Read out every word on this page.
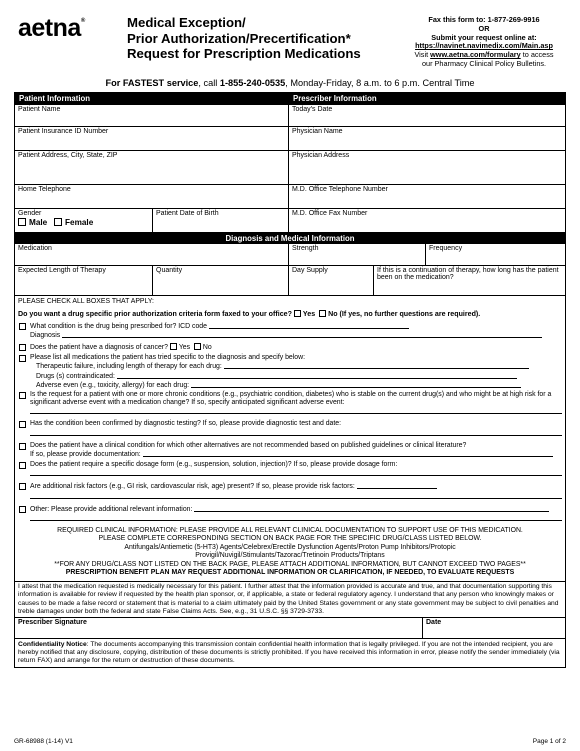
aetna®	Medical Exception/
Prior Authorization/Precertification*
Request for Prescription Medications
Fax this form to: 1-877-269-9916
OR
Submit your request online at:
https://navinet.navimedix.com/Main.asp
Visit www.aetna.com/formulary to access
our Pharmacy Clinical Policy Bulletins.
For FASTEST service, call 1-855-240-0535, Monday-Friday, 8 a.m. to 6 p.m. Central Time
Patient Information	Prescriber Information
Patient Name	Today's Date
Patient Insurance ID Number	Physician Name
Patient Address, City, State, ZIP	Physician Address
Home Telephone	M.D. Office Telephone Number
Gender
Male Female
Patient Date of Birth	M.D. Office Fax Number
Diagnosis and Medical Information
Medication	Strength	Frequency
Expected Length of Therapy	Quantity	Day Supply	If this is a continuation of therapy, how long has the patient been on the medication?
PLEASE CHECK ALL BOXES THAT APPLY:
Do you want a drug specific prior authorization criteria form faxed to your office? Yes No (If yes, no further questions are required).
What condition is the drug being prescribed for? ICD code
Diagnosis
Does the patient have a diagnosis of cancer? Yes No
Please list all medications the patient has tried specific to the diagnosis and specify below:
Therapeutic failure, including length of therapy for each drug:
Drugs (s) contraindicated:
Adverse even (e.g., toxicity, allergy) for each drug:
Is the request for a patient with one or more chronic conditions (e.g., psychiatric condition, diabetes) who is stable on the current drug(s) and who might be at high risk for a significant adverse event with a medication change? If so, specify anticipated significant adverse event:
Has the condition been confirmed by diagnostic testing? If so, please provide diagnostic test and date:
Does the patient have a clinical condition for which other alternatives are not recommended based on published guidelines or clinical literature?
If so, please provide documentation:
Does the patient require a specific dosage form (e.g., suspension, solution, injection)? If so, please provide dosage form:
Are additional risk factors (e.g., GI risk, cardiovascular risk, age) present? If so, please provide risk factors:
Other: Please provide additional relevant information:
REQUIRED CLINICAL INFORMATION: PLEASE PROVIDE ALL RELEVANT CLINICAL DOCUMENTATION TO SUPPORT USE OF THIS MEDICATION.
PLEASE COMPLETE CORRESPONDING SECTION ON BACK PAGE FOR THE SPECIFIC DRUG/CLASS LISTED BELOW.
Antifungals/Antiemetic (5-HT3) Agents/Celebrex/Erectile Dysfunction Agents/Proton Pump Inhibitors/Protopic
Provigil/Nuvigil/Stimulants/Tazorac/Tretinoin Products/Triptans
**FOR ANY DRUG/CLASS NOT LISTED ON THE BACK PAGE, PLEASE ATTACH ADDITIONAL INFORMATION, BUT CANNOT EXCEED TWO PAGES**
PRESCRIPTION BENEFIT PLAN MAY REQUEST ADDITIONAL INFORMATION OR CLARIFICATION, IF NEEDED, TO EVALUATE REQUESTS
I attest that the medication requested is medically necessary for this patient. I further attest that the information provided is accurate and true, and that documentation supporting this information is available for review if requested by the health plan sponsor, or, if applicable, a state or federal regulatory agency. I understand that any person who knowingly makes or causes to be made a false record or statement that is material to a claim ultimately paid by the United States government or any state government may be subject to civil penalties and treble damages under both the federal and state False Claims Acts. See, e.g., 31 U.S.C. §§ 3729-3733.
Prescriber Signature	Date
Confidentiality Notice: The documents accompanying this transmission contain confidential health information that is legally privileged. If you are not the intended recipient, you are hereby notified that any disclosure, copying, distribution of these documents is strictly prohibited. If you have received this information in error, please notify the sender immediately (via return FAX) and arrange for the return or destruction of these documents.
GR-68988 (1-14) V1	Page 1 of 2
